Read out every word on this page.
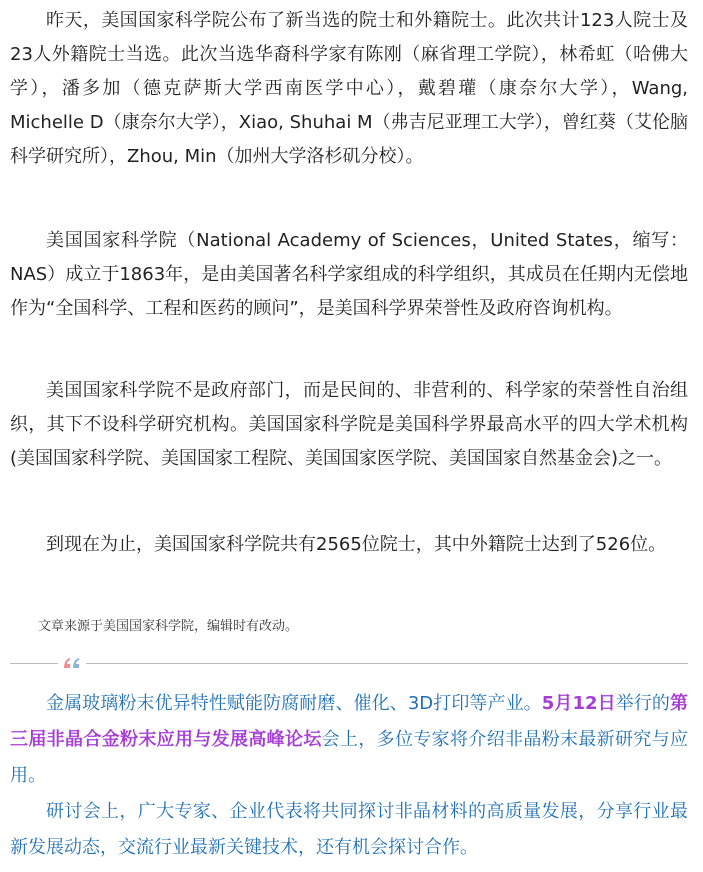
昨天，美国国家科学院公布了新当选的院士和外籍院士。此次共计123人院士及23人外籍院士当选。此次当选华裔科学家有陈刚（麻省理工学院），林希虹（哈佛大学），潘多加（德克萨斯大学西南医学中心），戴碧瓘（康奈尔大学），Wang, Michelle D（康奈尔大学），Xiao, Shuhai M（弗吉尼亚理工大学），曾红葵（艾伦脑科学研究所），Zhou, Min（加州大学洛杉矶分校）。

美国国家科学院（National Academy of Sciences，United States，缩写：NAS）成立于1863年，是由美国著名科学家组成的科学组织，其成员在任期内无偿地作为“全国科学、工程和医药的顾问”，是美国科学界荣誉性及政府咨询机构。

美国国家科学院不是政府部门，而是民间的、非营利的、科学家的荣誉性自治组织，其下不设科学研究机构。美国国家科学院是美国科学界最高水平的四大学术机构(美国国家科学院、美国国家工程院、美国国家医学院、美国国家自然基金会)之一。

到现在为止，美国国家科学院共有2565位院士，其中外籍院士达到了526位。

文章来源于美国国家科学院，编辑时有改动。

金属玻璃粉末优异特性赋能防腐耐磨、催化、3D打印等产业。5月12日举行的第三届非晶合金粉末应用与发展高峰论坛会上，多位专家将介绍非晶粉末最新研究与应用。

研讨会上，广大专家、企业代表将共同探讨非晶材料的高质量发展，分享行业最新发展动态，交流行业最新关键技术，还有机会探讨合作。
